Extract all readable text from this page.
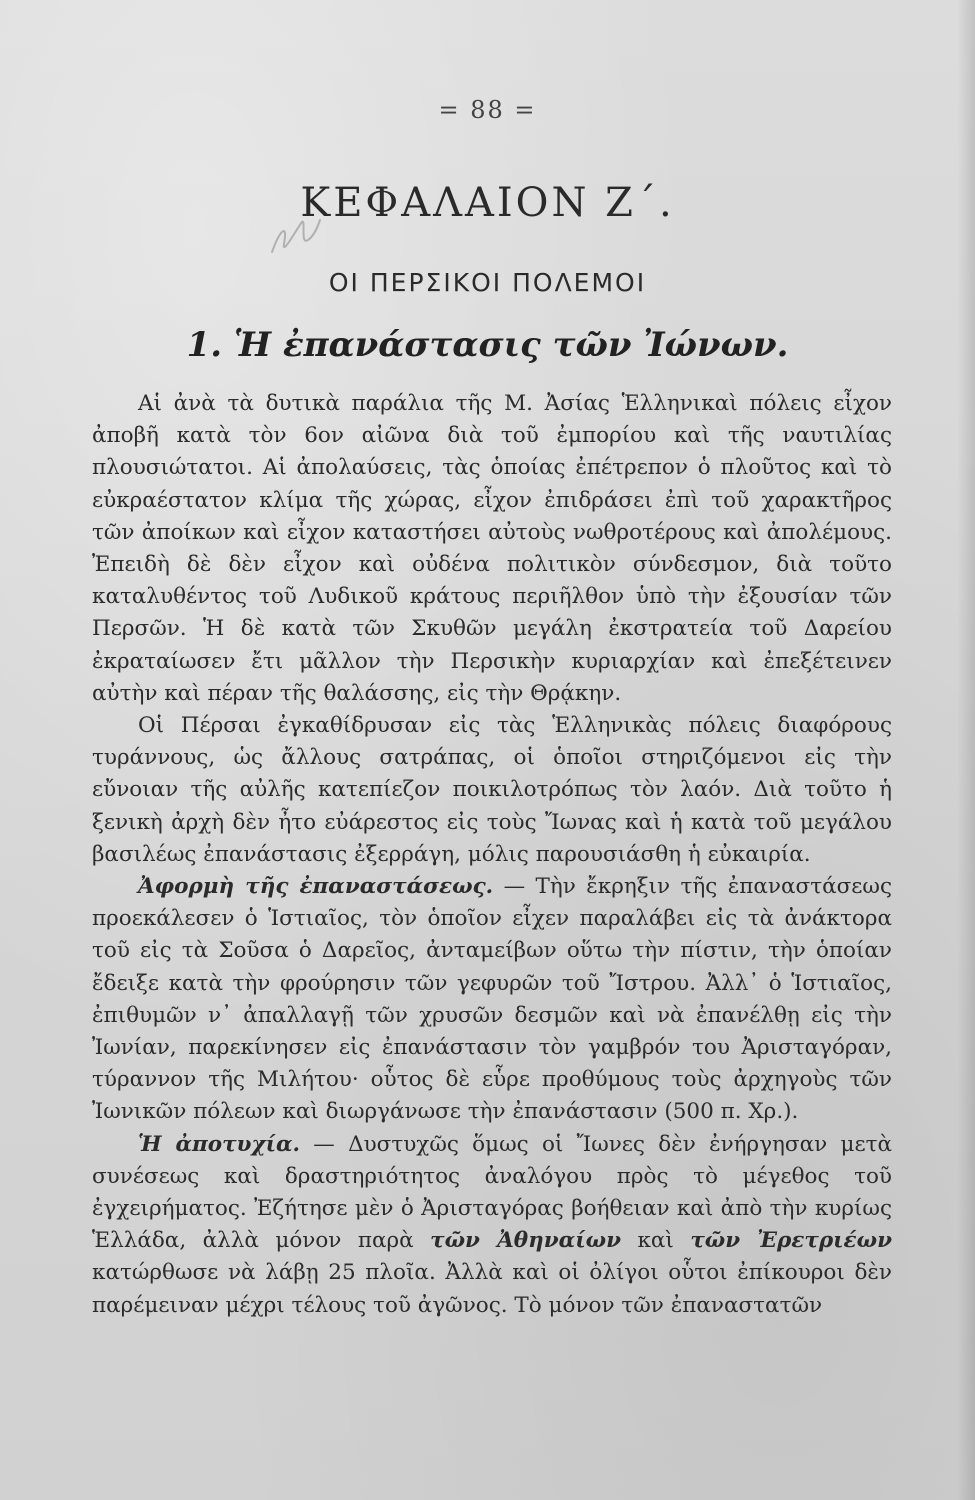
= 88 =
ΚΕΦΑΛΑΙΟΝ Ζ΄.
ΟΙ ΠΕΡΣΙΚΟΙ ΠΟΛΕΜΟΙ
1. Ἡ ἐπανάστασις τῶν Ἰώνων.

Αἱ ἀνὰ τὰ δυτικὰ παράλια τῆς Μ. Ἀσίας Ἑλληνικαὶ πόλεις εἶχον ἀποβῆ κατὰ τὸν 6ον αἰῶνα διὰ τοῦ ἐμπορίου καὶ τῆς ναυτιλίας πλουσιώτατοι. Αἱ ἀπολαύσεις, τὰς ὁποίας ἐπέτρεπον ὁ πλοῦτος καὶ τὸ εὐκραέστατον κλίμα τῆς χώρας, εἶχον ἐπιδράσει ἐπὶ τοῦ χαρακτῆρος τῶν ἀποίκων καὶ εἶχον καταστήσει αὐτοὺς νωθροτέρους καὶ ἀπολέμους. Ἐπειδὴ δὲ δὲν εἶχον καὶ οὐδένα πολιτικὸν σύνδεσμον, διὰ τοῦτο καταλυθέντος τοῦ Λυδικοῦ κράτους περιῆλθον ὑπὸ τὴν ἐξουσίαν τῶν Περσῶν. Ἡ δὲ κατὰ τῶν Σκυθῶν μεγάλη ἐκστρατεία τοῦ Δαρείου ἐκραταίωσεν ἔτι μᾶλλον τὴν Περσικὴν κυριαρχίαν καὶ ἐπεξέτεινεν αὐτὴν καὶ πέραν τῆς θαλάσσης, εἰς τὴν Θρᾴκην.

Οἱ Πέρσαι ἐγκαθίδρυσαν εἰς τὰς Ἑλληνικὰς πόλεις διαφόρους τυράννους, ὡς ἄλλους σατράπας, οἱ ὁποῖοι στηριζόμενοι εἰς τὴν εὔνοιαν τῆς αὐλῆς κατεπίεζον ποικιλοτρόπως τὸν λαόν. Διὰ τοῦτο ἡ ξενικὴ ἀρχὴ δὲν ἦτο εὐάρεστος εἰς τοὺς Ἴωνας καὶ ἡ κατὰ τοῦ μεγάλου βασιλέως ἐπανάστασις ἐξερράγη, μόλις παρουσιάσθη ἡ εὐκαιρία.

Ἀφορμὴ τῆς ἐπαναστάσεως. — Τὴν ἔκρηξιν τῆς ἐπαναστάσεως προεκάλεσεν ὁ Ἱστιαῖος, τὸν ὁποῖον εἶχεν παραλάβει εἰς τὰ ἀνάκτορα τοῦ εἰς τὰ Σοῦσα ὁ Δαρεῖος, ἀνταμείβων οὕτω τὴν πίστιν, τὴν ὁποίαν ἔδειξε κατὰ τὴν φρούρησιν τῶν γεφυρῶν τοῦ Ἴστρου. Ἀλλ᾿ ὁ Ἱστιαῖος, ἐπιθυμῶν ν᾿ ἀπαλλαγῇ τῶν χρυσῶν δεσμῶν καὶ νὰ ἐπανέλθῃ εἰς τὴν Ἰωνίαν, παρεκίνησεν εἰς ἐπανάστασιν τὸν γαμβρόν του Ἀρισταγόραν, τύραννον τῆς Μιλήτου· οὗτος δὲ εὗρε προθύμους τοὺς ἀρχηγοὺς τῶν Ἰωνικῶν πόλεων καὶ διωργάνωσε τὴν ἐπανάστασιν (500 π. Χρ.).

Ἡ ἀποτυχία. — Δυστυχῶς ὅμως οἱ Ἴωνες δὲν ἐνήργησαν μετὰ συνέσεως καὶ δραστηριότητος ἀναλόγου πρὸς τὸ μέγεθος τοῦ ἐγχειρήματος. Ἐζήτησε μὲν ὁ Ἀρισταγόρας βοήθειαν καὶ ἀπὸ τὴν κυρίως Ἑλλάδα, ἀλλὰ μόνον παρὰ τῶν Ἀθηναίων καὶ τῶν Ἐρετριέων κατώρθωσε νὰ λάβῃ 25 πλοῖα. Ἀλλὰ καὶ οἱ ὀλίγοι οὗτοι ἐπίκουροι δὲν παρέμειναν μέχρι τέλους τοῦ ἀγῶνος. Τὸ μόνον τῶν ἐπαναστατῶν
